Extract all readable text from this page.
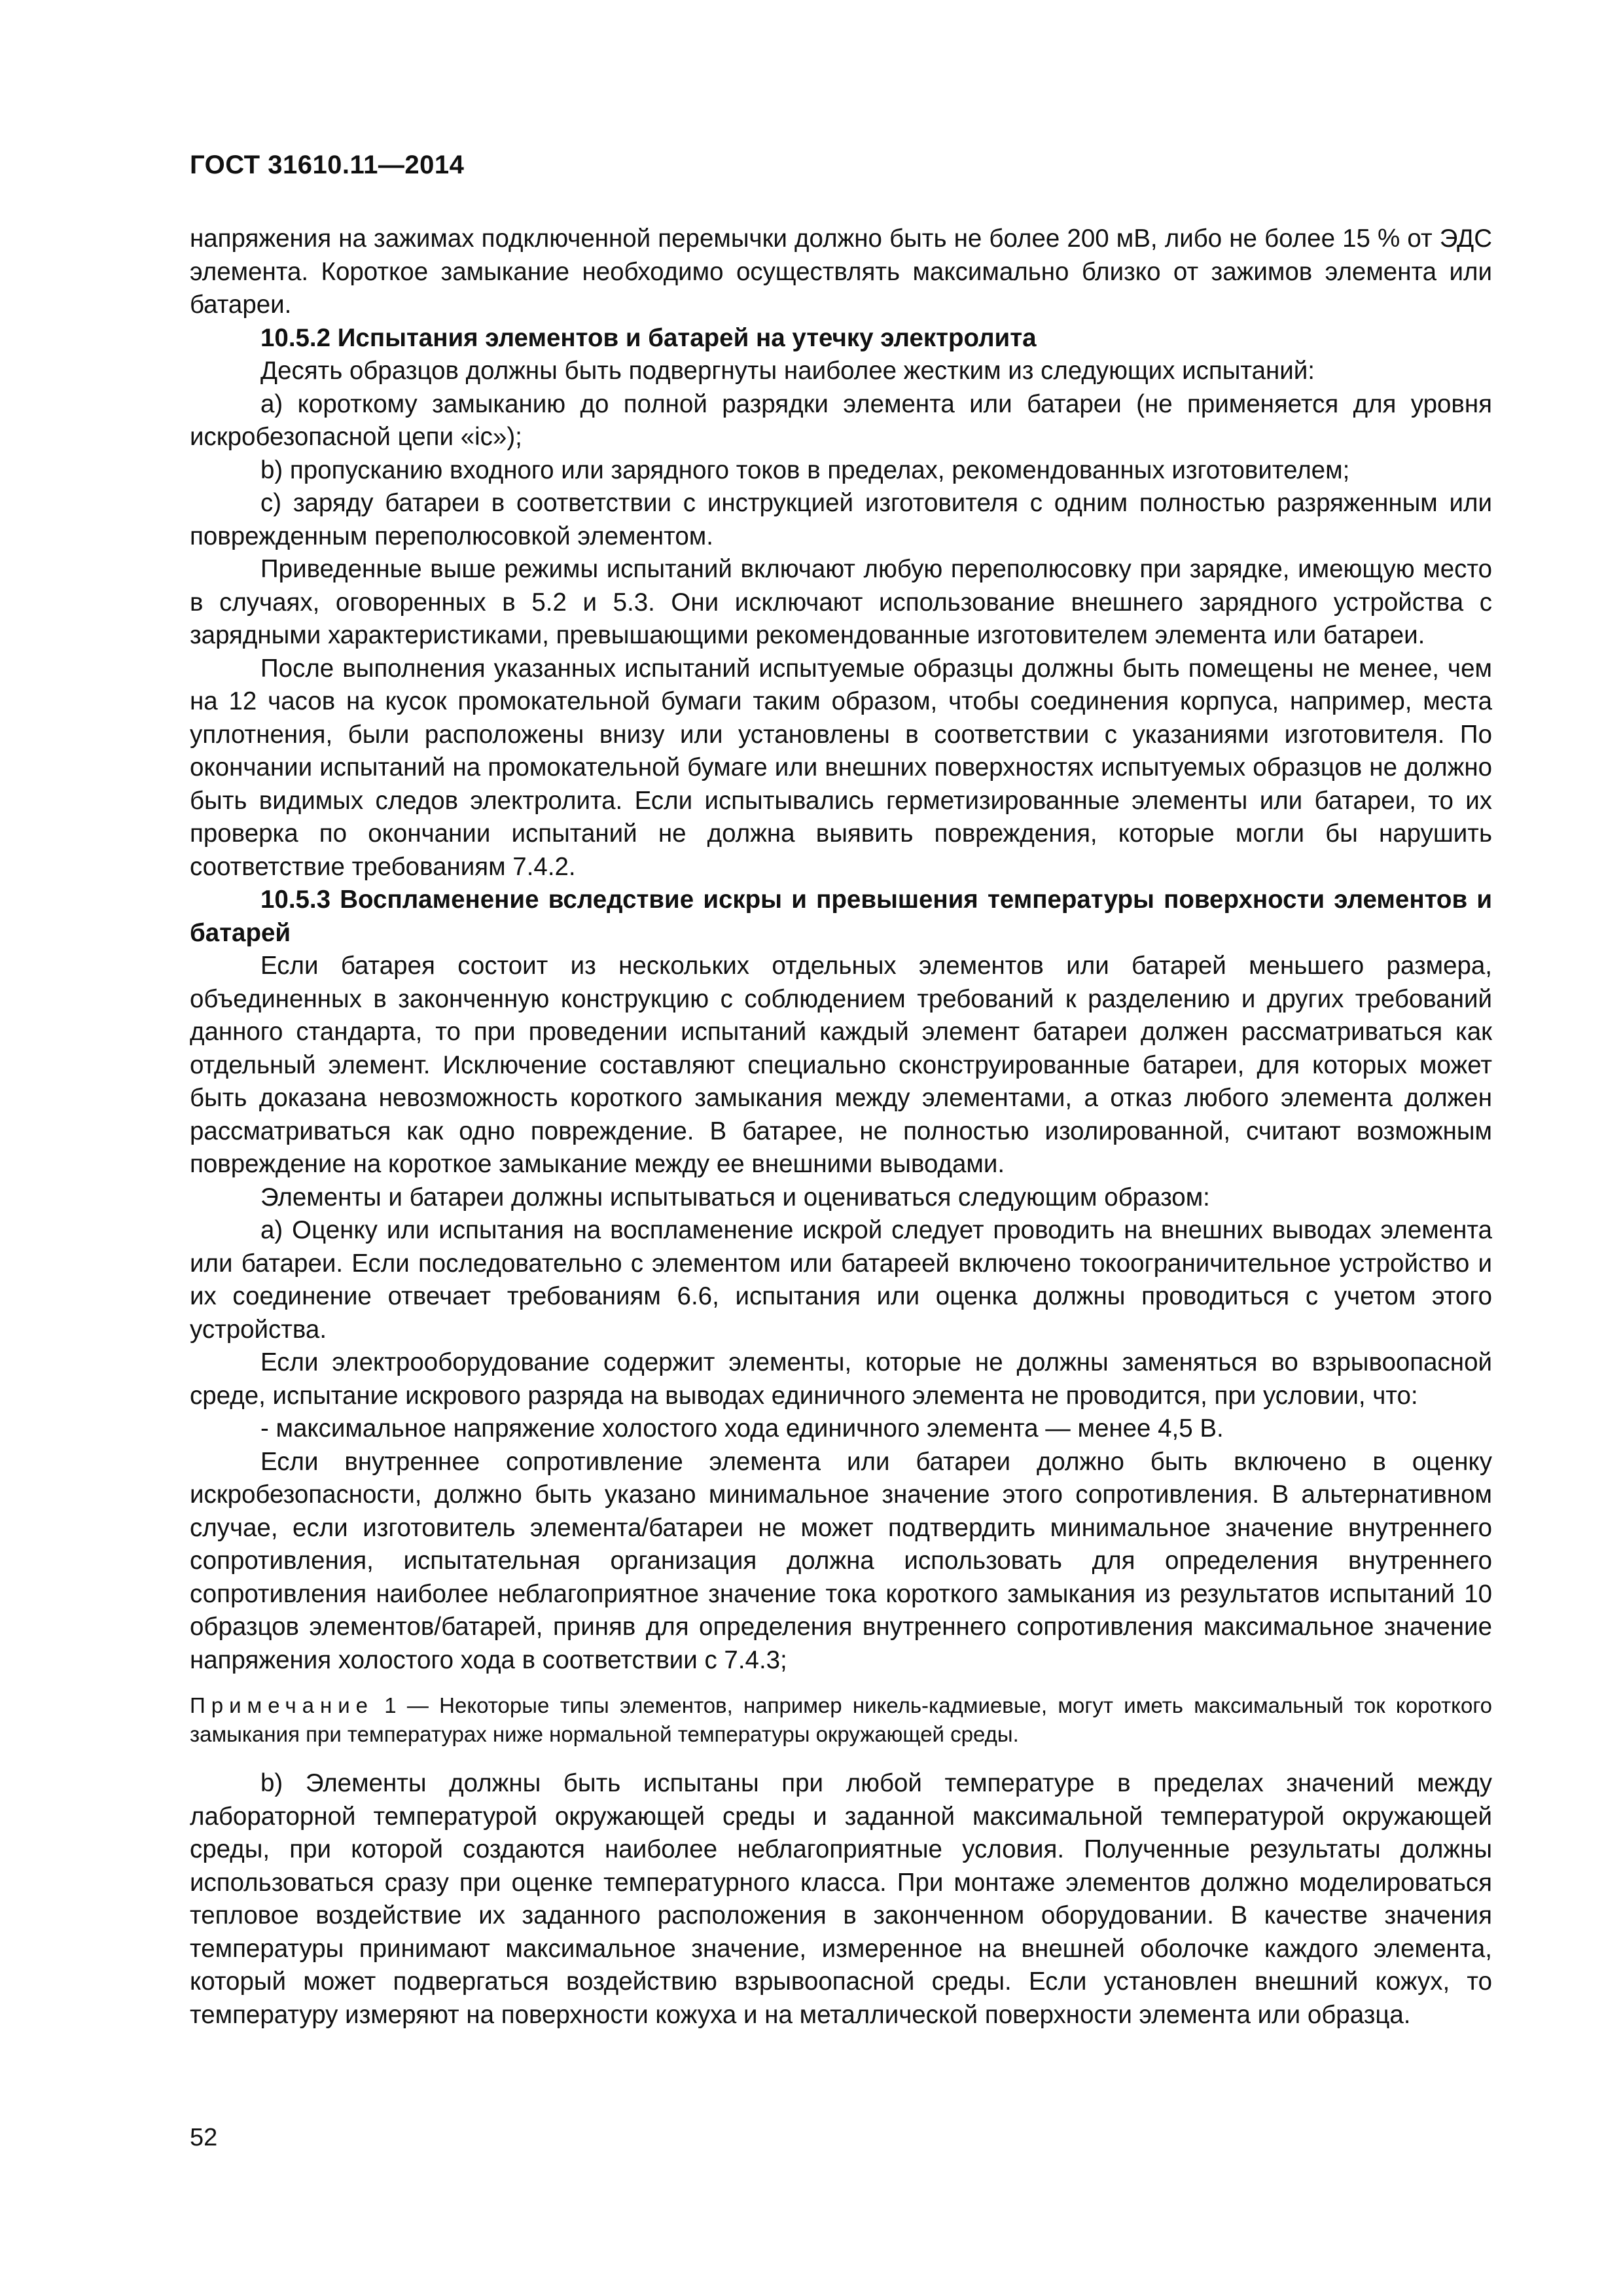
ГОСТ 31610.11—2014

напряжения на зажимах подключенной перемычки должно быть не более 200 мВ, либо не более 15 % от ЭДС элемента. Короткое замыкание необходимо осуществлять максимально близко от зажимов элемента или батареи.

10.5.2 Испытания элементов и батарей на утечку электролита

Десять образцов должны быть подвергнуты наиболее жестким из следующих испытаний:

а) короткому замыканию до полной разрядки элемента или батареи (не применяется для уровня искробезопасной цепи «ic»);

b) пропусканию входного или зарядного токов в пределах, рекомендованных изготовителем;

c) заряду батареи в соответствии с инструкцией изготовителя с одним полностью разряженным или поврежденным переполюсовкой элементом.

Приведенные выше режимы испытаний включают любую переполюсовку при зарядке, имеющую место в случаях, оговоренных в 5.2 и 5.3. Они исключают использование внешнего зарядного устройства с зарядными характеристиками, превышающими рекомендованные изготовителем элемента или батареи.

После выполнения указанных испытаний испытуемые образцы должны быть помещены не менее, чем на 12 часов на кусок промокательной бумаги таким образом, чтобы соединения корпуса, например, места уплотнения, были расположены внизу или установлены в соответствии с указаниями изготовителя. По окончании испытаний на промокательной бумаге или внешних поверхностях испытуемых образцов не должно быть видимых следов электролита. Если испытывались герметизированные элементы или батареи, то их проверка по окончании испытаний не должна выявить повреждения, которые могли бы нарушить соответствие требованиям 7.4.2.

10.5.3 Воспламенение вследствие искры и превышения температуры поверхности элементов и батарей

Если батарея состоит из нескольких отдельных элементов или батарей меньшего размера, объединенных в законченную конструкцию с соблюдением требований к разделению и других требований данного стандарта, то при проведении испытаний каждый элемент батареи должен рассматриваться как отдельный элемент. Исключение составляют специально сконструированные батареи, для которых может быть доказана невозможность короткого замыкания между элементами, а отказ любого элемента должен рассматриваться как одно повреждение. В батарее, не полностью изолированной, считают возможным повреждение на короткое замыкание между ее внешними выводами.

Элементы и батареи должны испытываться и оцениваться следующим образом:

а) Оценку или испытания на воспламенение искрой следует проводить на внешних выводах элемента или батареи. Если последовательно с элементом или батареей включено токоограничительное устройство и их соединение отвечает требованиям 6.6, испытания или оценка должны проводиться с учетом этого устройства.

Если электрооборудование содержит элементы, которые не должны заменяться во взрывоопасной среде, испытание искрового разряда на выводах единичного элемента не проводится, при условии, что:

- максимальное напряжение холостого хода единичного элемента — менее 4,5 В.

Если внутреннее сопротивление элемента или батареи должно быть включено в оценку искробезопасности, должно быть указано минимальное значение этого сопротивления. В альтернативном случае, если изготовитель элемента/батареи не может подтвердить минимальное значение внутреннего сопротивления, испытательная организация должна использовать для определения внутреннего сопротивления наиболее неблагоприятное значение тока короткого замыкания из результатов испытаний 10 образцов элементов/батарей, приняв для определения внутреннего сопротивления максимальное значение напряжения холостого хода в соответствии с 7.4.3;

Примечание 1 — Некоторые типы элементов, например никель-кадмиевые, могут иметь максимальный ток короткого замыкания при температурах ниже нормальной температуры окружающей среды.

b) Элементы должны быть испытаны при любой температуре в пределах значений между лабораторной температурой окружающей среды и заданной максимальной температурой окружающей среды, при которой создаются наиболее неблагоприятные условия. Полученные результаты должны использоваться сразу при оценке температурного класса. При монтаже элементов должно моделироваться тепловое воздействие их заданного расположения в законченном оборудовании. В качестве значения температуры принимают максимальное значение, измеренное на внешней оболочке каждого элемента, который может подвергаться воздействию взрывоопасной среды. Если установлен внешний кожух, то температуру измеряют на поверхности кожуха и на металлической поверхности элемента или образца.

52
